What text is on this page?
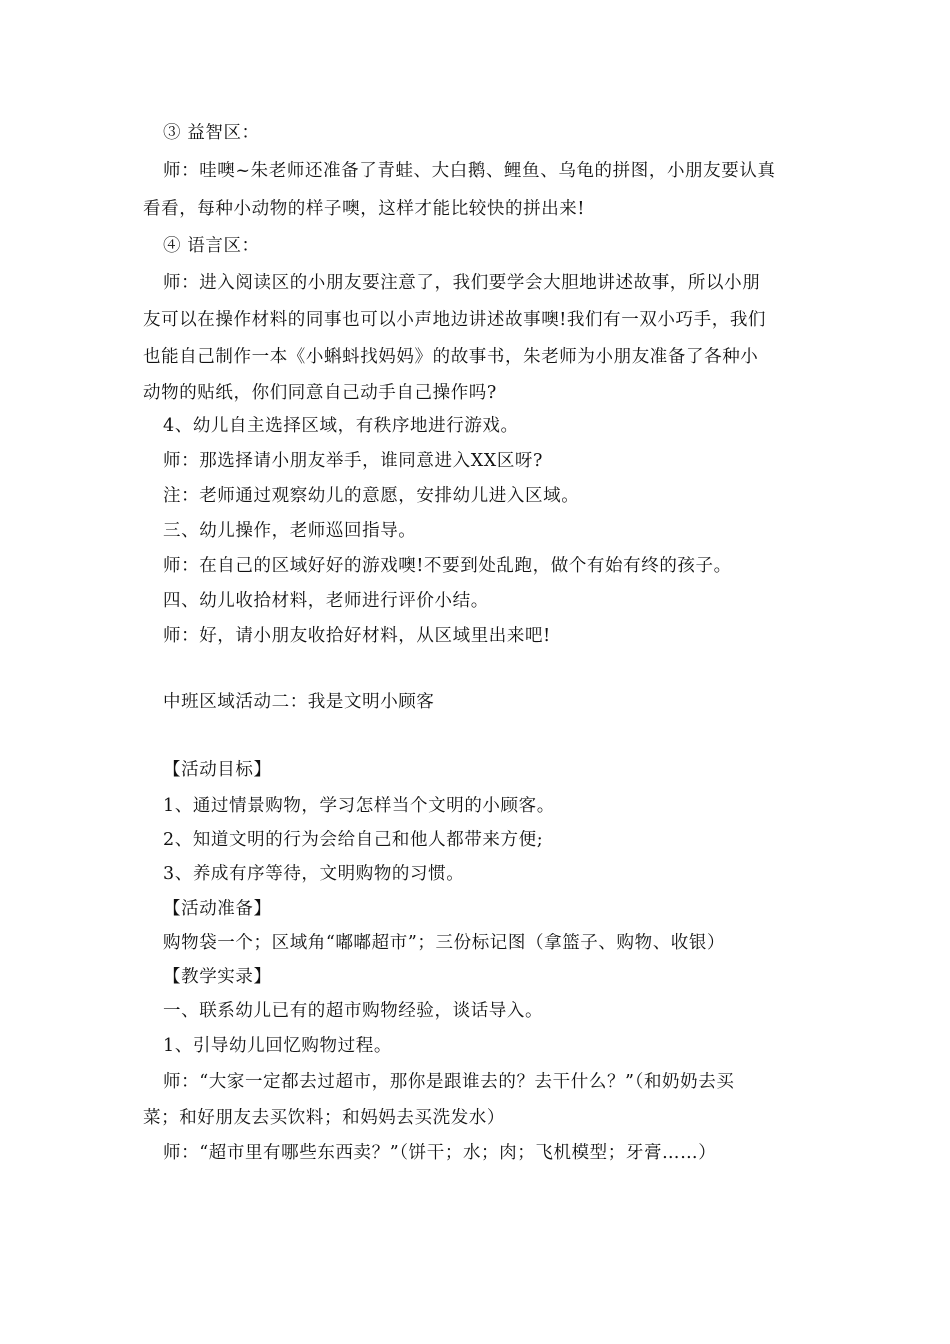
③ 益智区：
师：哇噢~朱老师还准备了青蛙、大白鹅、鲤鱼、乌龟的拼图，小朋友要认真
看看，每种小动物的样子噢，这样才能比较快的拼出来!
④ 语言区：
师：进入阅读区的小朋友要注意了，我们要学会大胆地讲述故事，所以小朋
友可以在操作材料的同事也可以小声地边讲述故事噢!我们有一双小巧手，我们
也能自己制作一本《小蝌蚪找妈妈》的故事书，朱老师为小朋友准备了各种小
动物的贴纸，你们同意自己动手自己操作吗?
4、幼儿自主选择区域，有秩序地进行游戏。
师：那选择请小朋友举手，谁同意进入XX区呀?
注：老师通过观察幼儿的意愿，安排幼儿进入区域。
三、幼儿操作，老师巡回指导。
师：在自己的区域好好的游戏噢!不要到处乱跑，做个有始有终的孩子。
四、幼儿收拾材料，老师进行评价小结。
师：好，请小朋友收拾好材料，从区域里出来吧!
中班区域活动二：我是文明小顾客
【活动目标】
1、通过情景购物，学习怎样当个文明的小顾客。
2、知道文明的行为会给自己和他人都带来方便;
3、养成有序等待，文明购物的习惯。
【活动准备】
购物袋一个；区域角“嘟嘟超市”；三份标记图（拿篮子、购物、收银）
【教学实录】
一、联系幼儿已有的超市购物经验，谈话导入。
1、引导幼儿回忆购物过程。
师：“大家一定都去过超市，那你是跟谁去的？去干什么？”（和奶奶去买
菜；和好朋友去买饮料；和妈妈去买洗发水）
师：“超市里有哪些东西卖？”（饼干；水；肉；飞机模型；牙膏……）
